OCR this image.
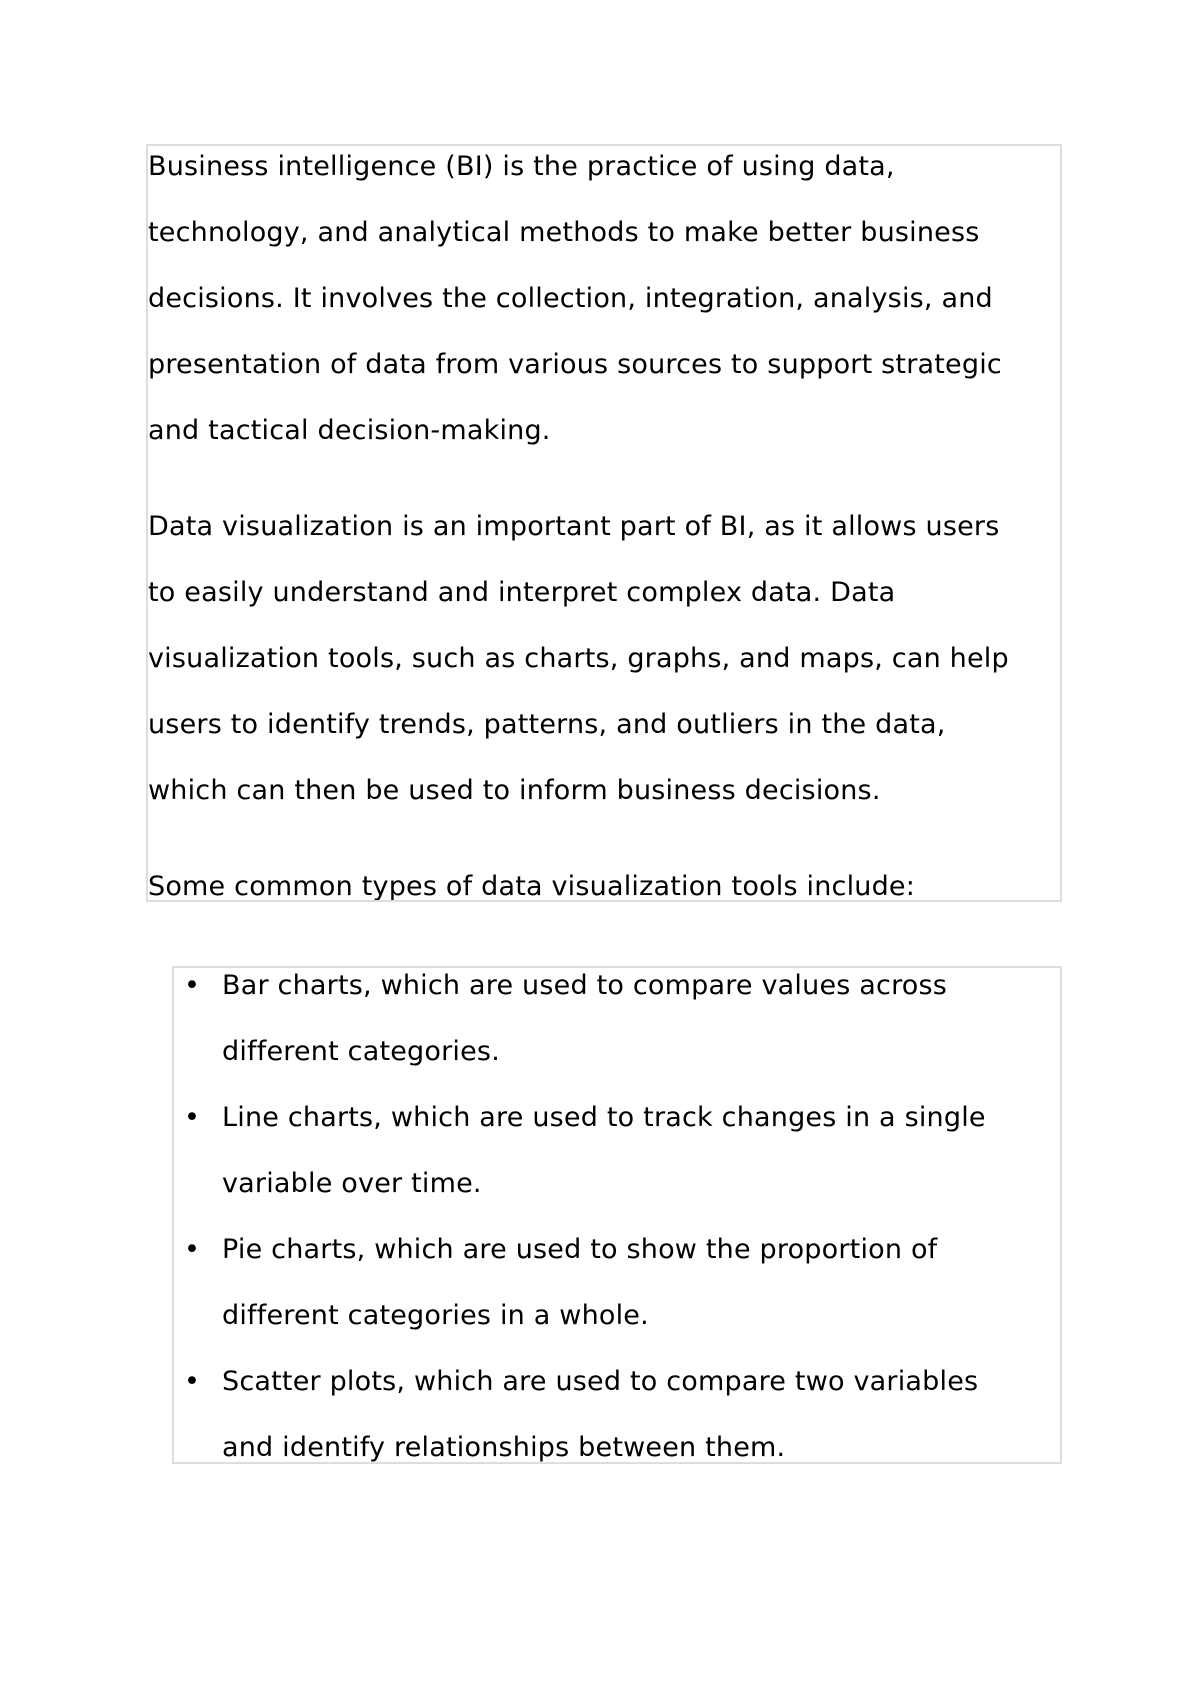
Business intelligence (BI) is the practice of using data,
technology, and analytical methods to make better business
decisions. It involves the collection, integration, analysis, and
presentation of data from various sources to support strategic
and tactical decision-making.

Data visualization is an important part of BI, as it allows users
to easily understand and interpret complex data. Data
visualization tools, such as charts, graphs, and maps, can help
users to identify trends, patterns, and outliers in the data,
which can then be used to inform business decisions.

Some common types of data visualization tools include:

• Bar charts, which are used to compare values across
different categories.
• Line charts, which are used to track changes in a single
variable over time.
• Pie charts, which are used to show the proportion of
different categories in a whole.
• Scatter plots, which are used to compare two variables
and identify relationships between them.
